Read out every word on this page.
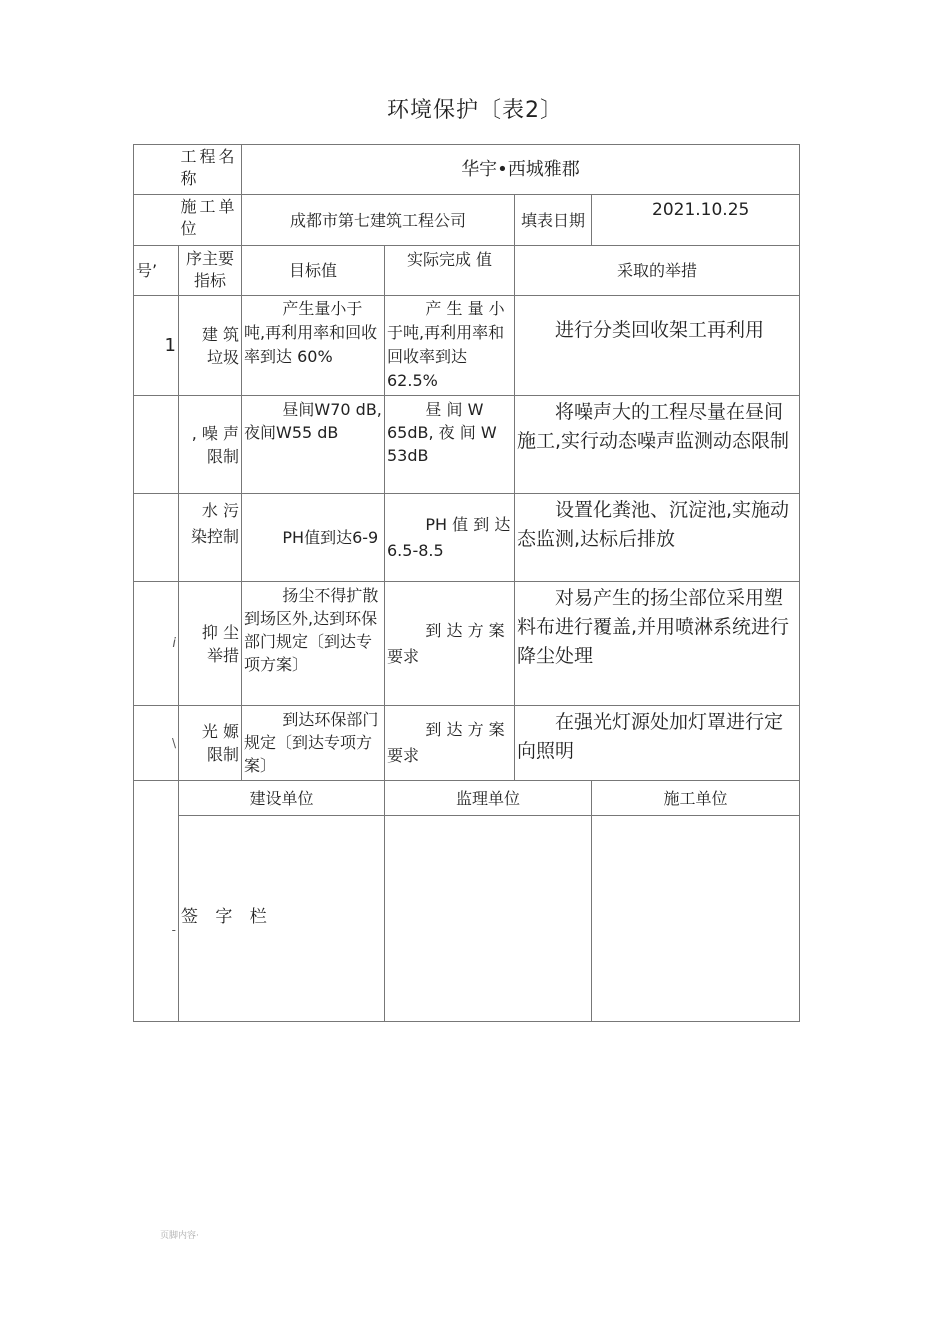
环境保护〔表2〕
	工程名称	华宇•西城雅郡			
	施工单位	成都市第七建筑工程公司		填表日期	2021.10.25
号’	序主要指标	目标值	实际完成 值	采取的举措	
1	建 筑 垃圾	产生量小于吨,再利用率和回收率到达 60%	产 生 量 小 于吨,再利用率和回收率到达 62.5%	进行分类回收架工再利用	
	, 噪 声限制	昼间W70 dB, 夜间W55 dB	昼 间 W 65dB, 夜 间 W 53dB	将噪声大的工程尽量在昼间施工,实行动态噪声监测动态限制	
	水 污 染控制	PH值到达6-9	PH 值 到 达 6.5-8.5	设置化粪池、沉淀池,实施动态监测,达标后排放	
i	抑 尘 举措	扬尘不得扩散到场区外,达到环保部门规定〔到达专项方案〕	到 达 方 案 要求	对易产生的扬尘部位采用塑料布进行覆盖,并用喷淋系统进行降尘处理	
\	光 嫄 限制	到达环保部门规定〔到达专项方案〕	到 达 方 案 要求	在强光灯源处加灯罩进行定向照明	
-	建设单位		监理单位		施工单位

	签 字 栏				

页脚内容·
